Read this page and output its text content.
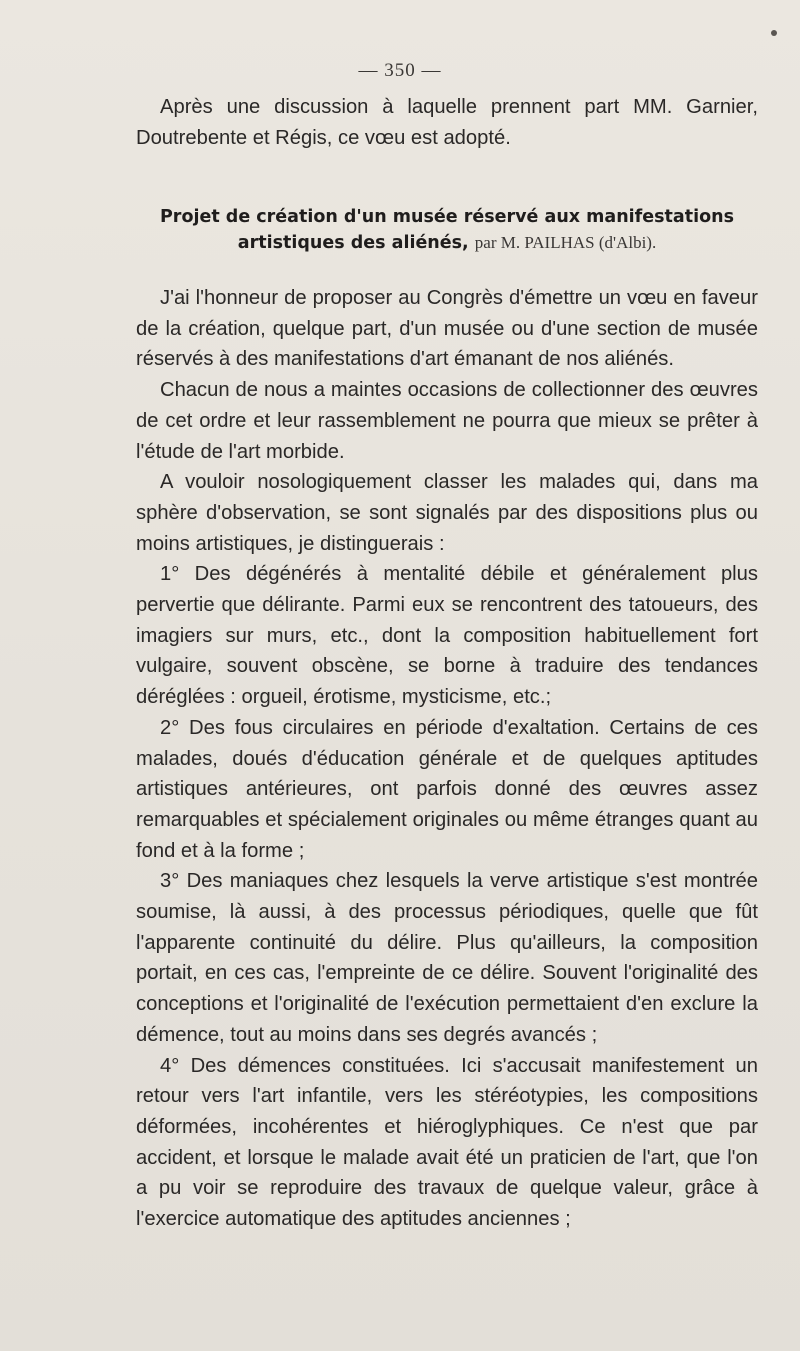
— 350 —

Après une discussion à laquelle prennent part MM. Garnier, Doutrebente et Régis, ce vœu est adopté.

Projet de création d'un musée réservé aux manifestations
artistiques des aliénés, par M. PAILHAS (d'Albi).

J'ai l'honneur de proposer au Congrès d'émettre un vœu en faveur de la création, quelque part, d'un musée ou d'une section de musée réservés à des manifestations d'art émanant de nos aliénés.

Chacun de nous a maintes occasions de collectionner des œuvres de cet ordre et leur rassemblement ne pourra que mieux se prêter à l'étude de l'art morbide.

A vouloir nosologiquement classer les malades qui, dans ma sphère d'observation, se sont signalés par des dispositions plus ou moins artistiques, je distinguerais :

1° Des dégénérés à mentalité débile et généralement plus pervertie que délirante. Parmi eux se rencontrent des tatoueurs, des imagiers sur murs, etc., dont la composition habituellement fort vulgaire, souvent obscène, se borne à traduire des tendances déréglées : orgueil, érotisme, mysticisme, etc.;

2° Des fous circulaires en période d'exaltation. Certains de ces malades, doués d'éducation générale et de quelques aptitudes artistiques antérieures, ont parfois donné des œuvres assez remarquables et spécialement originales ou même étranges quant au fond et à la forme ;

3° Des maniaques chez lesquels la verve artistique s'est montrée soumise, là aussi, à des processus périodiques, quelle que fût l'apparente continuité du délire. Plus qu'ailleurs, la composition portait, en ces cas, l'empreinte de ce délire. Souvent l'originalité des conceptions et l'originalité de l'exécution permettaient d'en exclure la démence, tout au moins dans ses degrés avancés ;

4° Des démences constituées. Ici s'accusait manifestement un retour vers l'art infantile, vers les stéréotypies, les compositions déformées, incohérentes et hiéroglyphiques. Ce n'est que par accident, et lorsque le malade avait été un praticien de l'art, que l'on a pu voir se reproduire des travaux de quelque valeur, grâce à l'exercice automatique des aptitudes anciennes ;
